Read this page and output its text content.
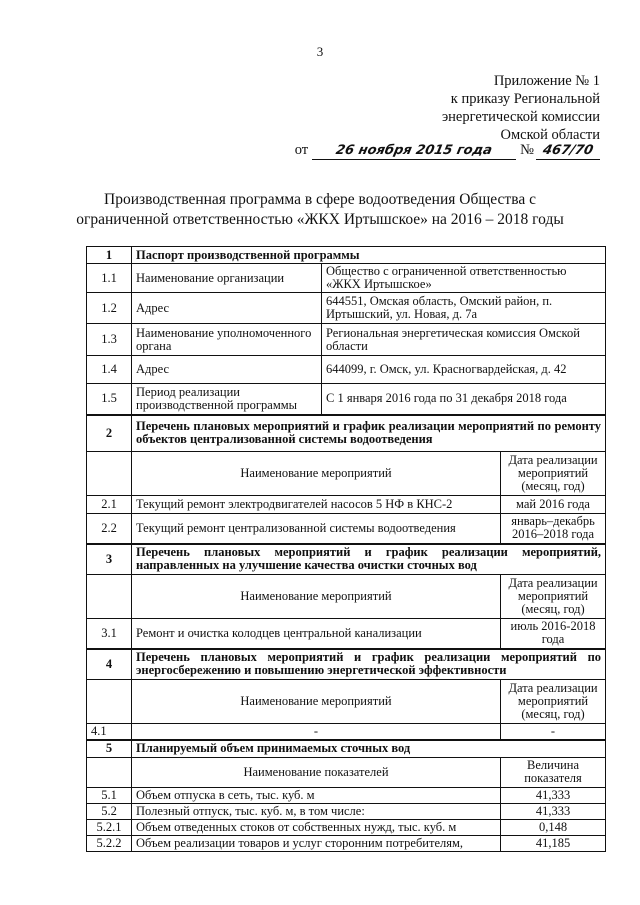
3
Приложение № 1
к приказу Региональной
энергетической комиссии
Омской области
от 26 ноября 2015 года № 467/70
Производственная программа в сфере водоотведения Общества с
ограниченной ответственностью «ЖКХ Иртышское» на 2016 – 2018 годы
1	Паспорт производственной программы		
1.1	Наименование организации	Общество с ограниченной ответственностью «ЖКХ Иртышское»	
1.2	Адрес	644551, Омская область, Омский район, п. Иртышский, ул. Новая, д. 7а	
1.3	Наименование уполномоченного органа	Региональная энергетическая комиссия Омской области	
1.4	Адрес	644099, г. Омск, ул. Красногвардейская, д. 42	
1.5	Период реализации производственной программы	С 1 января 2016 года по 31 декабря 2018 года	
2	Перечень плановых мероприятий и график реализации мероприятий по ремонту объектов централизованной системы водоотведения		
	Наименование мероприятий		Дата реализации мероприятий (месяц, год)
2.1	Текущий ремонт электродвигателей насосов 5 НФ в КНС-2		май 2016 года
2.2	Текущий ремонт централизованной системы водоотведения		январь–декабрь 2016–2018 года
3	Перечень плановых мероприятий и график реализации мероприятий, направленных на улучшение качества очистки сточных вод		
	Наименование мероприятий		Дата реализации мероприятий (месяц, год)
3.1	Ремонт и очистка колодцев центральной канализации		июль 2016-2018 года
4	Перечень плановых мероприятий и график реализации мероприятий по энергосбережению и повышению энергетической эффективности		
	Наименование мероприятий		Дата реализации мероприятий (месяц, год)
4.1	-		-
5	Планируемый объем принимаемых сточных вод		
	Наименование показателей		Величина показателя
5.1	Объем отпуска в сеть, тыс. куб. м		41,333
5.2	Полезный отпуск, тыс. куб. м, в том числе:		41,333
5.2.1	Объем отведенных стоков от собственных нужд, тыс. куб. м		0,148
5.2.2	Объем реализации товаров и услуг сторонним потребителям,		41,185
